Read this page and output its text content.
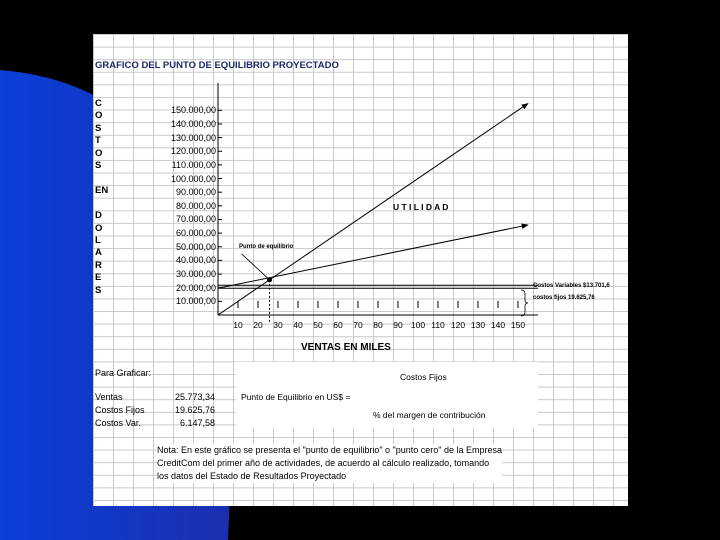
GRAFICO DEL PUNTO DE EQUILIBRIO PROYECTADO
C
O
S
T
O
S
EN
D
O
L
A
R
E
S
150.000,00
140.000,00
130.000,00
120.000,00
110.000,00
100.000,00
90.000,00
80.000,00
70.000,00
60.000,00
50.000,00
40.000,00
30.000,00
20.000,00
10.000,00
U T I L I D A D
Punto de equilibrio
Costos Variables $13.701,6
costos fijos 19.625,76
10	20	30	40	50	60	70	80	90 100 110 120 130 140 150
VENTAS EN MILES
Para Graficar:
Ventas	25.773,34
Costos Fijos	19.625,76
Costos Var.	6.147,58
Costos Fijos
Punto de Equilibrio en US$ =
% del margen de contribución
Nota: En este gráfico se presenta el "punto de equilibrio" o "punto cero" de la Empresa CreditCom del primer año de actividades, de acuerdo al cálculo realizado, tomando los datos del Estado de Resultados Proyectado
